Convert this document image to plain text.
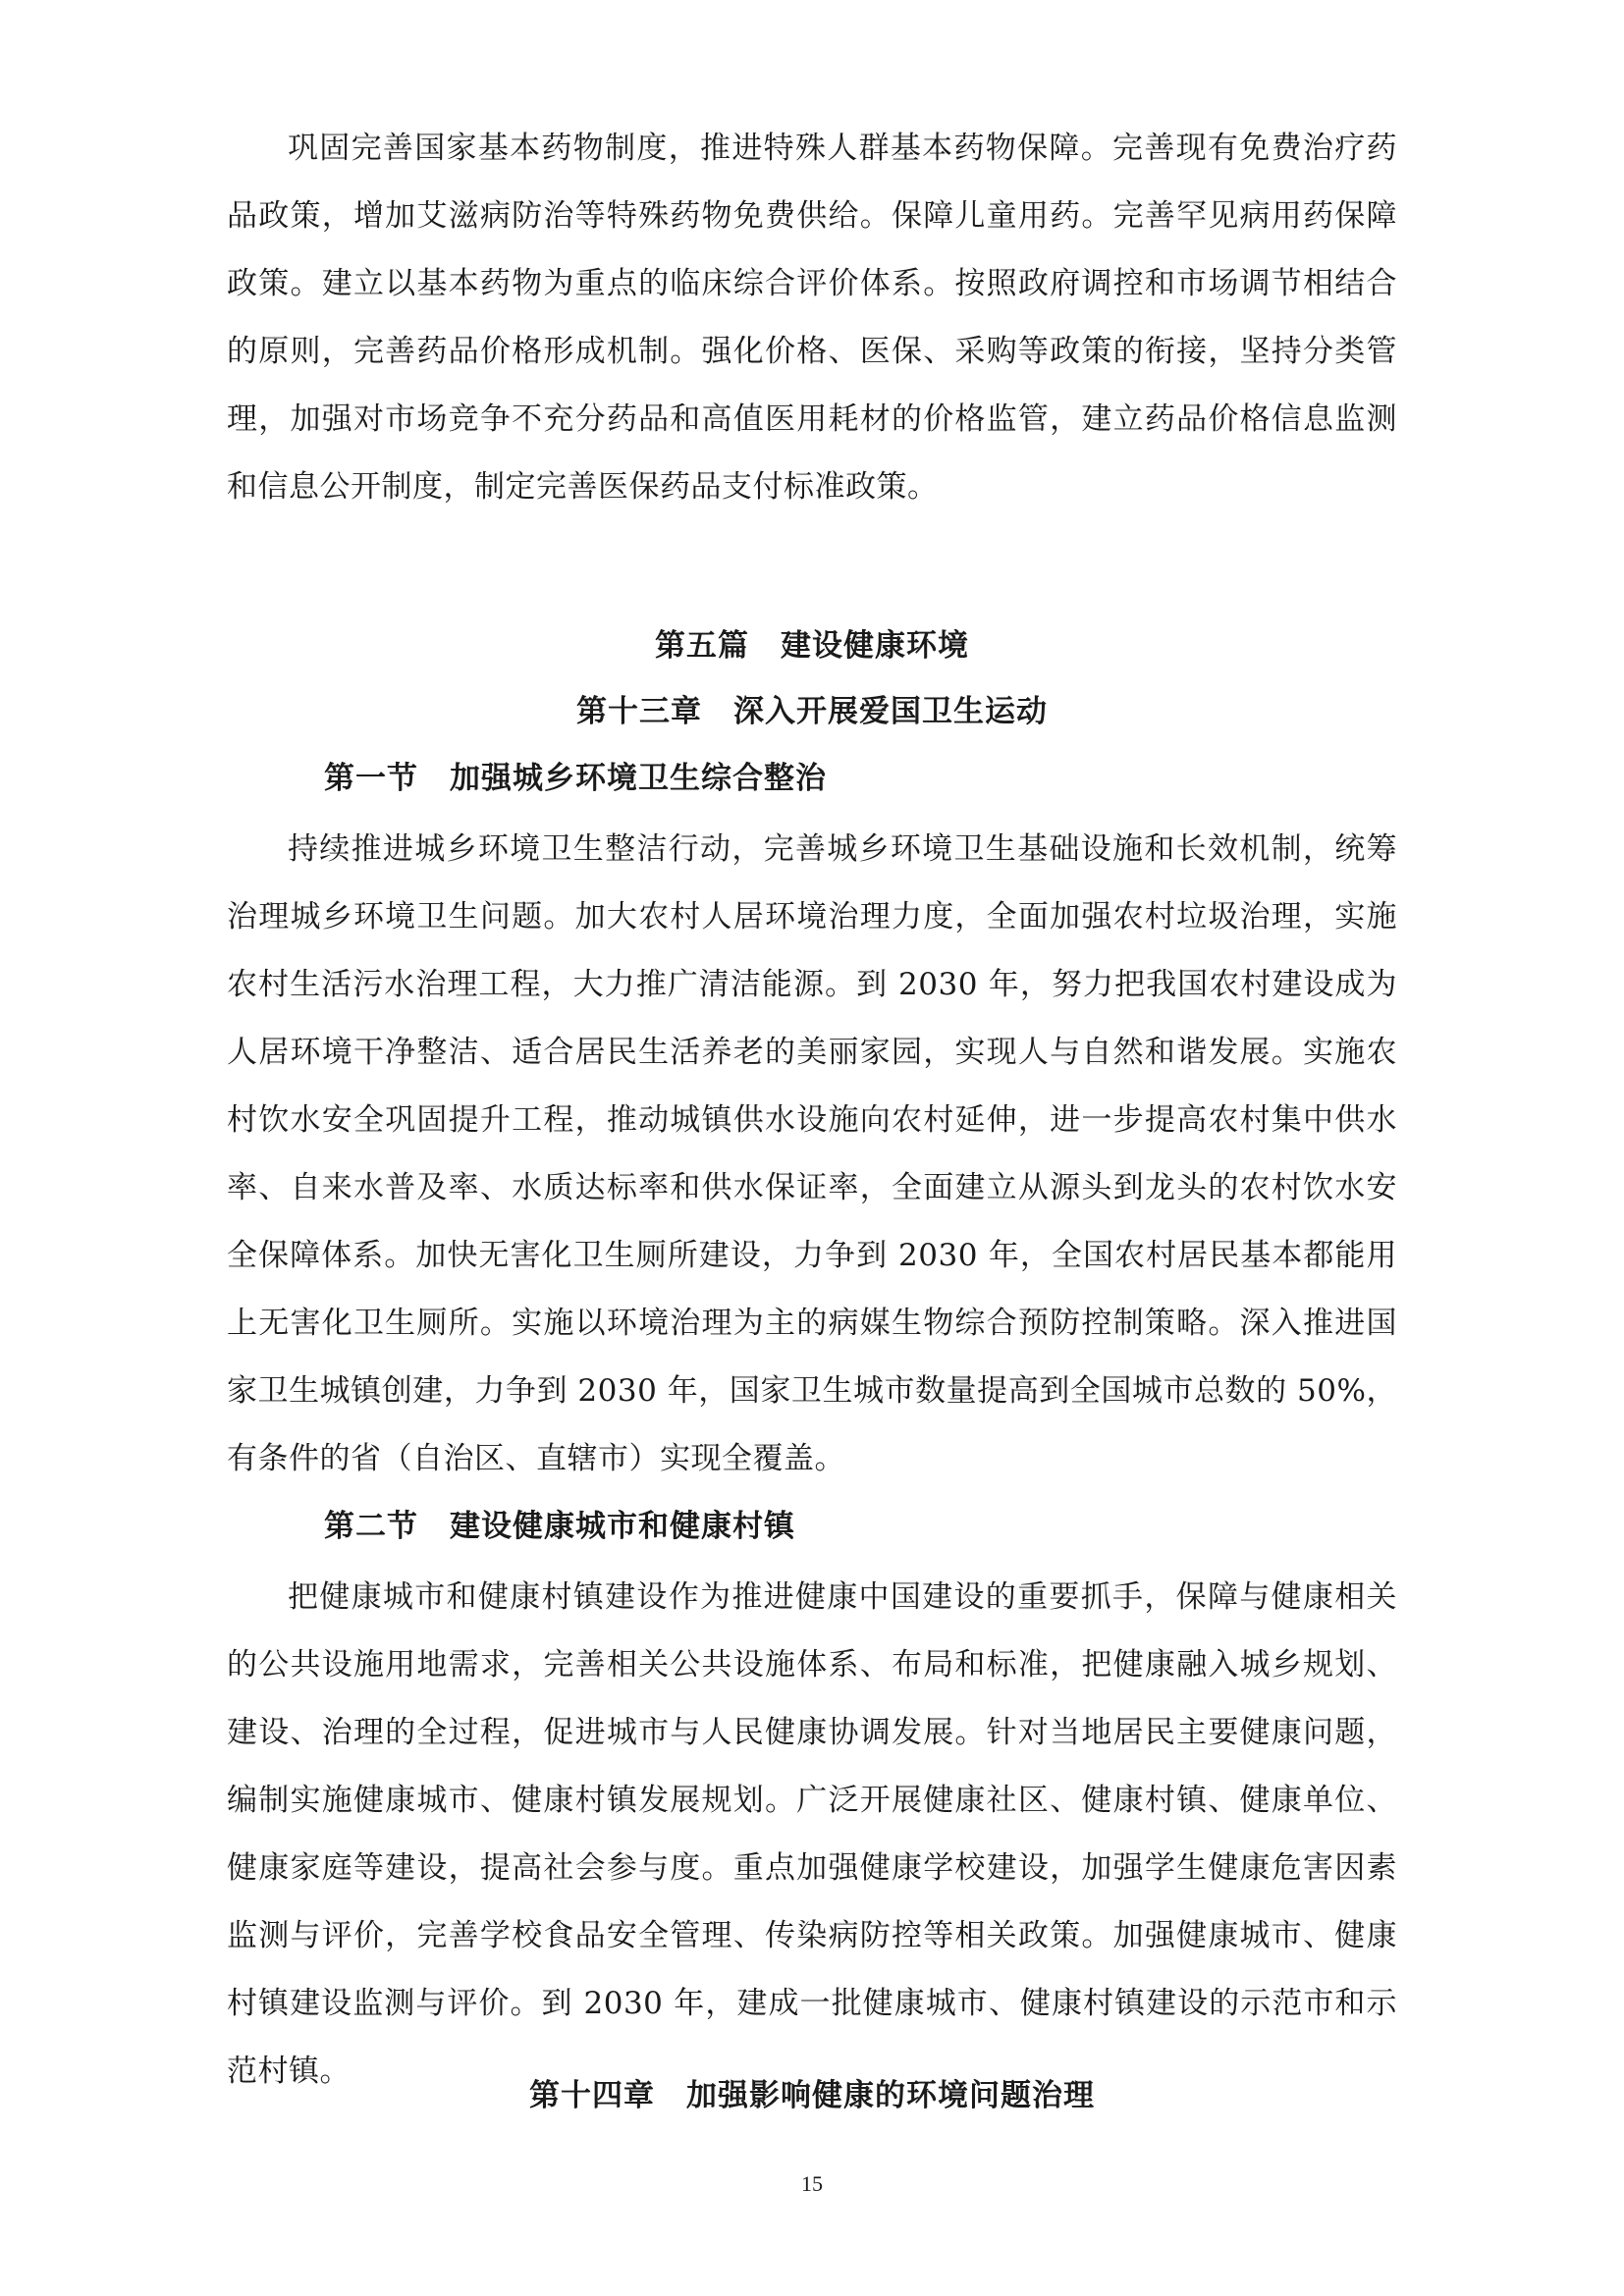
巩固完善国家基本药物制度，推进特殊人群基本药物保障。完善现有免费治疗药品政策，增加艾滋病防治等特殊药物免费供给。保障儿童用药。完善罕见病用药保障政策。建立以基本药物为重点的临床综合评价体系。按照政府调控和市场调节相结合的原则，完善药品价格形成机制。强化价格、医保、采购等政策的衔接，坚持分类管理，加强对市场竞争不充分药品和高值医用耗材的价格监管，建立药品价格信息监测和信息公开制度，制定完善医保药品支付标准政策。

第五篇　建设健康环境
第十三章　深入开展爱国卫生运动
第一节　加强城乡环境卫生综合整治

持续推进城乡环境卫生整洁行动，完善城乡环境卫生基础设施和长效机制，统筹治理城乡环境卫生问题。加大农村人居环境治理力度，全面加强农村垃圾治理，实施农村生活污水治理工程，大力推广清洁能源。到 2030 年，努力把我国农村建设成为人居环境干净整洁、适合居民生活养老的美丽家园，实现人与自然和谐发展。实施农村饮水安全巩固提升工程，推动城镇供水设施向农村延伸，进一步提高农村集中供水率、自来水普及率、水质达标率和供水保证率，全面建立从源头到龙头的农村饮水安全保障体系。加快无害化卫生厕所建设，力争到 2030 年，全国农村居民基本都能用上无害化卫生厕所。实施以环境治理为主的病媒生物综合预防控制策略。深入推进国家卫生城镇创建，力争到 2030 年，国家卫生城市数量提高到全国城市总数的 50%，有条件的省（自治区、直辖市）实现全覆盖。

第二节　建设健康城市和健康村镇

把健康城市和健康村镇建设作为推进健康中国建设的重要抓手，保障与健康相关的公共设施用地需求，完善相关公共设施体系、布局和标准，把健康融入城乡规划、建设、治理的全过程，促进城市与人民健康协调发展。针对当地居民主要健康问题，编制实施健康城市、健康村镇发展规划。广泛开展健康社区、健康村镇、健康单位、健康家庭等建设，提高社会参与度。重点加强健康学校建设，加强学生健康危害因素监测与评价，完善学校食品安全管理、传染病防控等相关政策。加强健康城市、健康村镇建设监测与评价。到 2030 年，建成一批健康城市、健康村镇建设的示范市和示范村镇。

第十四章　加强影响健康的环境问题治理
15
